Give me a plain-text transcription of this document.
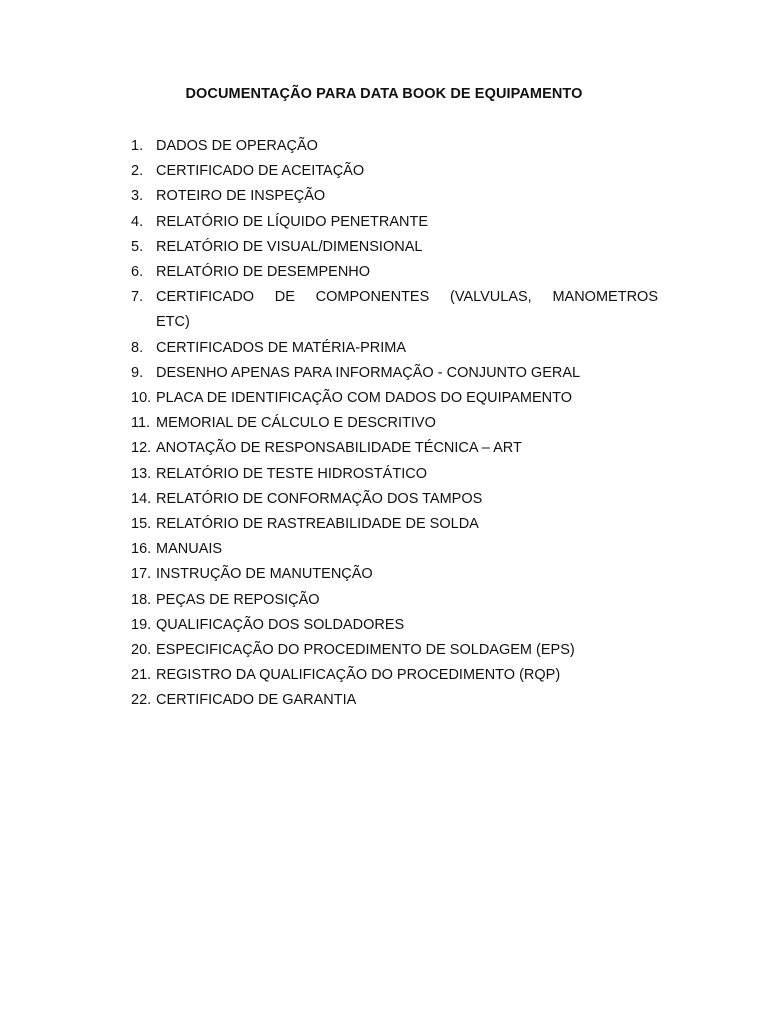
DOCUMENTAÇÃO PARA DATA BOOK DE EQUIPAMENTO
1. DADOS DE OPERAÇÃO
2. CERTIFICADO DE ACEITAÇÃO
3. ROTEIRO DE INSPEÇÃO
4. RELATÓRIO DE LÍQUIDO PENETRANTE
5. RELATÓRIO DE VISUAL/DIMENSIONAL
6. RELATÓRIO DE DESEMPENHO
7. CERTIFICADO DE COMPONENTES (VALVULAS, MANOMETROS
ETC)
8. CERTIFICADOS DE MATÉRIA-PRIMA
9. DESENHO APENAS PARA INFORMAÇÃO - CONJUNTO GERAL
10. PLACA DE IDENTIFICAÇÃO COM DADOS DO EQUIPAMENTO
11. MEMORIAL DE CÁLCULO E DESCRITIVO
12. ANOTAÇÃO DE RESPONSABILIDADE TÉCNICA – ART
13. RELATÓRIO DE TESTE HIDROSTÁTICO
14. RELATÓRIO DE CONFORMAÇÃO DOS TAMPOS
15. RELATÓRIO DE RASTREABILIDADE DE SOLDA
16. MANUAIS
17. INSTRUÇÃO DE MANUTENÇÃO
18. PEÇAS DE REPOSIÇÃO
19. QUALIFICAÇÃO DOS SOLDADORES
20. ESPECIFICAÇÃO DO PROCEDIMENTO DE SOLDAGEM (EPS)
21. REGISTRO DA QUALIFICAÇÃO DO PROCEDIMENTO (RQP)
22. CERTIFICADO DE GARANTIA
